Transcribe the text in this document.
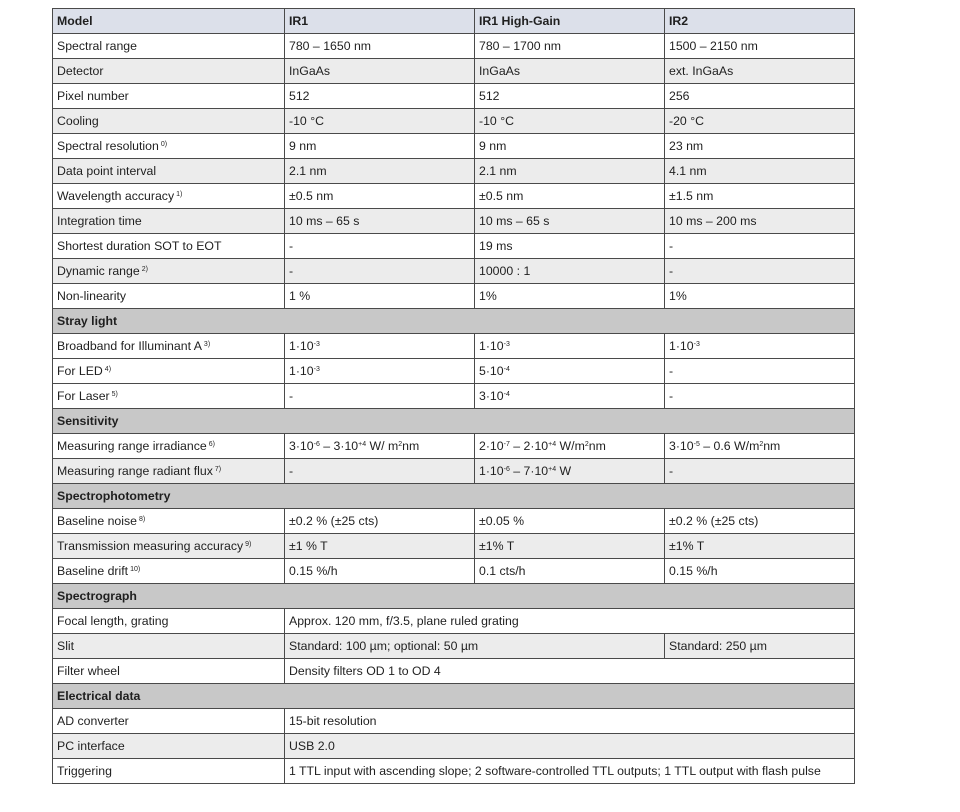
Model	IR1	IR1 High-Gain	IR2
Spectral range	780 – 1650 nm	780 – 1700 nm	1500 – 2150 nm
Detector	InGaAs	InGaAs	ext. InGaAs
Pixel number	512	512	256
Cooling	-10 °C	-10 °C	-20 °C
Spectral resolution $^{0)}$	9 nm	9 nm	23 nm
Data point interval	2.1 nm	2.1 nm	4.1 nm
Wavelength accuracy $^{1)}$	±0.5 nm	±0.5 nm	±1.5 nm
Integration time	10 ms – 65 s	10 ms – 65 s	10 ms – 200 ms
Shortest duration SOT to EOT	-	19 ms	-
Dynamic range $^{2)}$	-	10000 : 1	-
Non-linearity	1 %	1%	1%
Stray light			
Broadband for Illuminant A $^{3)}$	$1\cdot 10^{-3}$	$1\cdot 10^{-3}$	$1\cdot 10^{-3}$
For LED $^{4)}$	$1\cdot 10^{-3}$	$5\cdot 10^{-4}$	-
For Laser $^{5)}$	-	$3\cdot 10^{-4}$	-
Sensitivity			
Measuring range irradiance $^{6)}$	$3\cdot 10^{-6} - 3\cdot 10^{+4}$ W/ $m^2nm$	$2\cdot 10^{-7} - 2\cdot 10^{+4}$ $W/m^2nm$	$3\cdot 10^{-5} - 0.6$ $W/m^2nm$
Measuring range radiant flux $^{7)}$	-	$1\cdot 10^{-6} - 7\cdot 10^{+4}$ W	-
Spectrophotometry			
Baseline noise $^{8)}$	±0.2 % (±25 cts)	±0.05 %	±0.2 % (±25 cts)
Transmission measuring accuracy $^{9)}$	±1 % T	±1% T	±1% T
Baseline drift $^{10)}$	0.15 %/h	0.1 cts/h	0.15 %/h
Spectrograph			
Focal length, grating	Approx. 120 mm, f/3.5, plane ruled grating		
Slit	Standard: 100 µm; optional: 50 µm		Standard: 250 µm
Filter wheel	Density filters OD 1 to OD 4		
Electrical data			
AD converter	15-bit resolution		
PC interface	USB 2.0		
Triggering	1 TTL input with ascending slope; 2 software-controlled TTL outputs; 1 TTL output with flash pulse		
